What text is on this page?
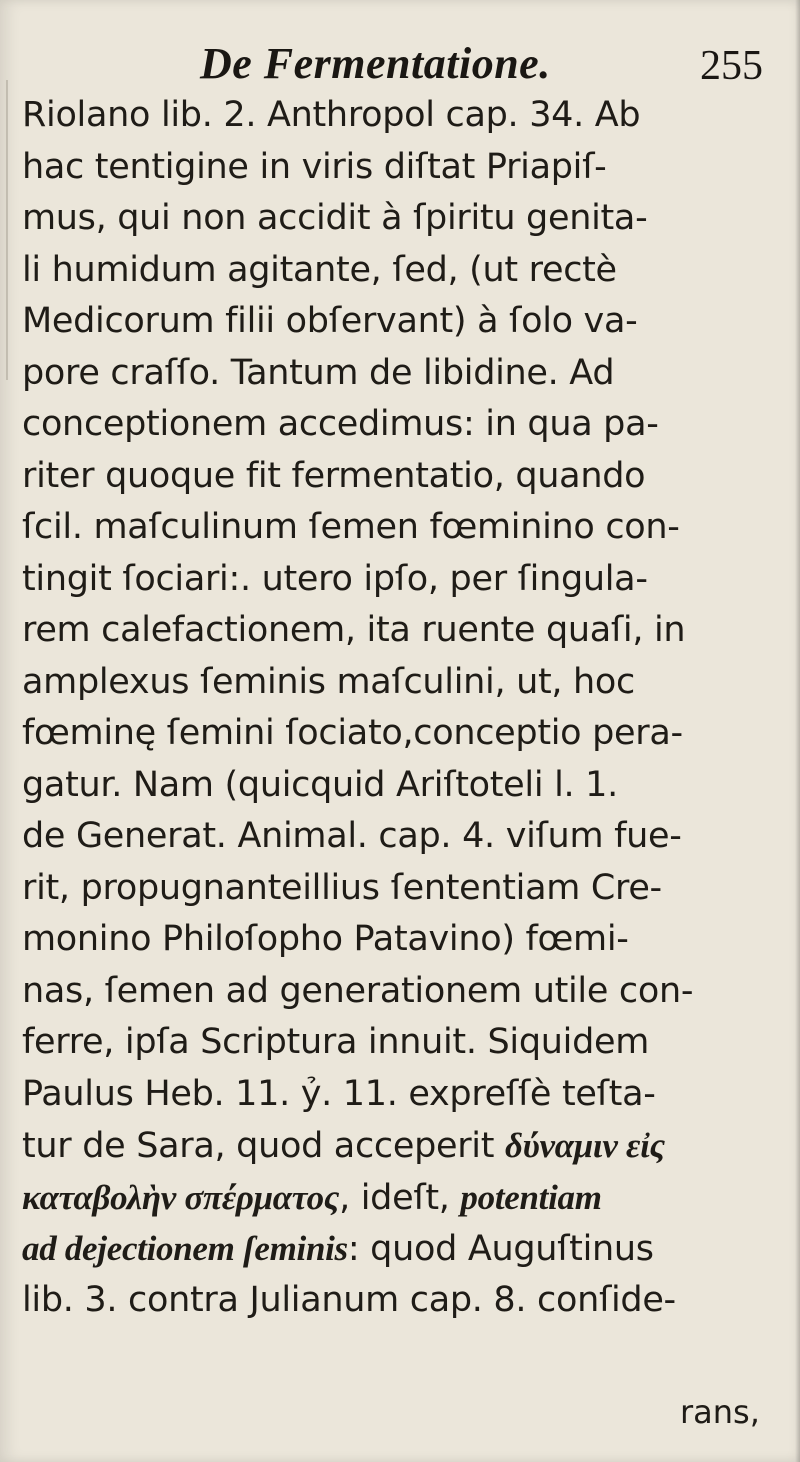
De Fermentatione.	255
Riolano lib. 2. Anthropol cap. 34. Ab
hac tentigine in viris diſtat Priapiſ-
mus, qui non accidit à ſpiritu genita-
li humidum agitante, ſed, (ut rectè
Medicorum filii obſervant) à ſolo va-
pore craſſo. Tantum de libidine. Ad
conceptionem accedimus: in qua pa-
riter quoque fit fermentatio, quando
ſcil. maſculinum ſemen fœminino con-
tingit ſociari:. utero ipſo, per ſingula-
rem calefactionem, ita ruente quaſi, in
amplexus ſeminis maſculini, ut, hoc
fœminę ſemini ſociato,conceptio pera-
gatur. Nam (quicquid Ariſtoteli l. 1.
de Generat. Animal. cap. 4. viſum fue-
rit, propugnanteillius ſententiam Cre-
monino Philoſopho Patavino) fœmi-
nas, ſemen ad generationem utile con-
ferre, ipſa Scriptura innuit. Siquidem
Paulus Heb. 11. ỷ. 11. expreſſè teſta-
tur de Sara, quod acceperit δύναμιν εἰς
καταβολὴν σπέρματος, ideſt, potentiam
ad dejectionem ſeminis: quod Auguſtinus
lib. 3. contra Julianum cap. 8. conſide-
rans,
